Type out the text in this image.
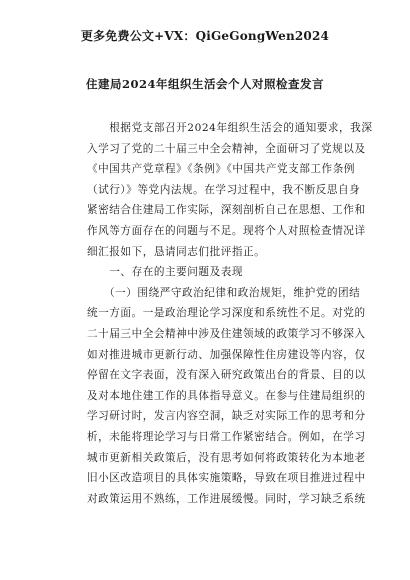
更多免费公文+VX：QiGeGongWen2024
住建局2024年组织生活会个人对照检查发言
　　根据党支部召开2024年组织生活会的通知要求，我深
入学习了党的二十届三中全会精神，全面研习了党规以及
《中国共产党章程》《条例》《中国共产党支部工作条例
（试行）》等党内法规。在学习过程中，我不断反思自身
紧密结合住建局工作实际，深刻剖析自己在思想、工作和
作风等方面存在的问题与不足。现将个人对照检查情况详
细汇报如下，恳请同志们批评指正。
　　一、存在的主要问题及表现
　　（一）围绕严守政治纪律和政治规矩，维护党的团结
统一方面。一是政治理论学习深度和系统性不足。对党的
二十届三中全会精神中涉及住建领域的政策学习不够深入
如对推进城市更新行动、加强保障性住房建设等内容，仅
停留在文字表面，没有深入研究政策出台的背景、目的以
及对本地住建工作的具体指导意义。在参与住建局组织的
学习研讨时，发言内容空洞，缺乏对实际工作的思考和分
析，未能将理论学习与日常工作紧密结合。例如，在学习
城市更新相关政策后，没有思考如何将政策转化为本地老
旧小区改造项目的具体实施策略，导致在项目推进过程中
对政策运用不熟练，工作进展缓慢。同时，学习缺乏系统
